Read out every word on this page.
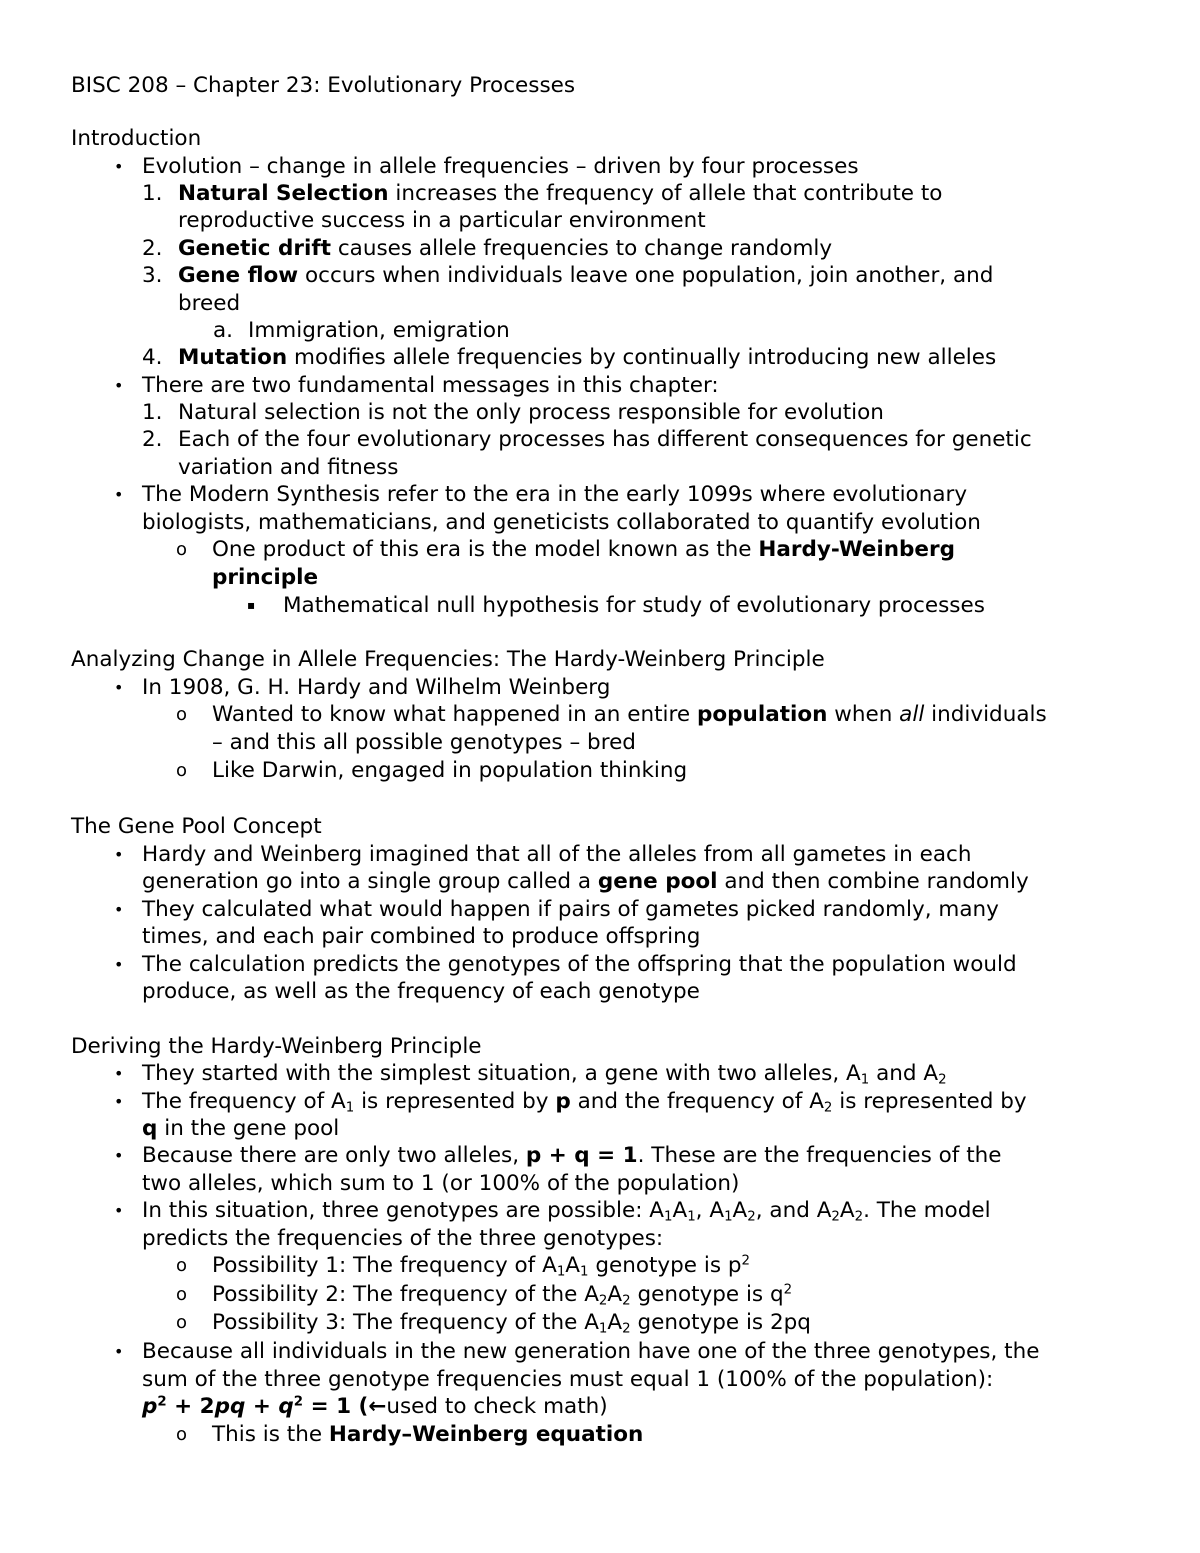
BISC 208 – Chapter 23: Evolutionary Processes
Introduction
• Evolution – change in allele frequencies – driven by four processes
1. Natural Selection increases the frequency of allele that contribute to
reproductive success in a particular environment
2. Genetic drift causes allele frequencies to change randomly
3. Gene flow occurs when individuals leave one population, join another, and
breed
a. Immigration, emigration
4. Mutation modifies allele frequencies by continually introducing new alleles
• There are two fundamental messages in this chapter:
1. Natural selection is not the only process responsible for evolution
2. Each of the four evolutionary processes has different consequences for genetic
variation and fitness
• The Modern Synthesis refer to the era in the early 1099s where evolutionary
biologists, mathematicians, and geneticists collaborated to quantify evolution
o One product of this era is the model known as the Hardy-Weinberg
principle
▪ Mathematical null hypothesis for study of evolutionary processes
Analyzing Change in Allele Frequencies: The Hardy-Weinberg Principle
• In 1908, G. H. Hardy and Wilhelm Weinberg
o Wanted to know what happened in an entire population when all individuals
– and this all possible genotypes – bred
o Like Darwin, engaged in population thinking
The Gene Pool Concept
• Hardy and Weinberg imagined that all of the alleles from all gametes in each
generation go into a single group called a gene pool and then combine randomly
• They calculated what would happen if pairs of gametes picked randomly, many
times, and each pair combined to produce offspring
• The calculation predicts the genotypes of the offspring that the population would
produce, as well as the frequency of each genotype
Deriving the Hardy-Weinberg Principle
• They started with the simplest situation, a gene with two alleles, $A_1$ and $A_2$
• The frequency of $A_1$ is represented by p and the frequency of $A_2$ is represented by
q in the gene pool
• Because there are only two alleles, p + q = 1. These are the frequencies of the
two alleles, which sum to 1 (or 100% of the population)
• In this situation, three genotypes are possible: $A_1A_1$, $A_1A_2$, and $A_2A_2$. The model
predicts the frequencies of the three genotypes:
o Possibility 1: The frequency of $A_1A_1$ genotype is $p^2$
o Possibility 2: The frequency of the $A_2A_2$ genotype is $q^2$
o Possibility 3: The frequency of the $A_1A_2$ genotype is 2pq
• Because all individuals in the new generation have one of the three genotypes, the
sum of the three genotype frequencies must equal 1 (100% of the population):
$p^2 + 2pq + q^2 = 1$ (←used to check math)
o This is the Hardy–Weinberg equation
